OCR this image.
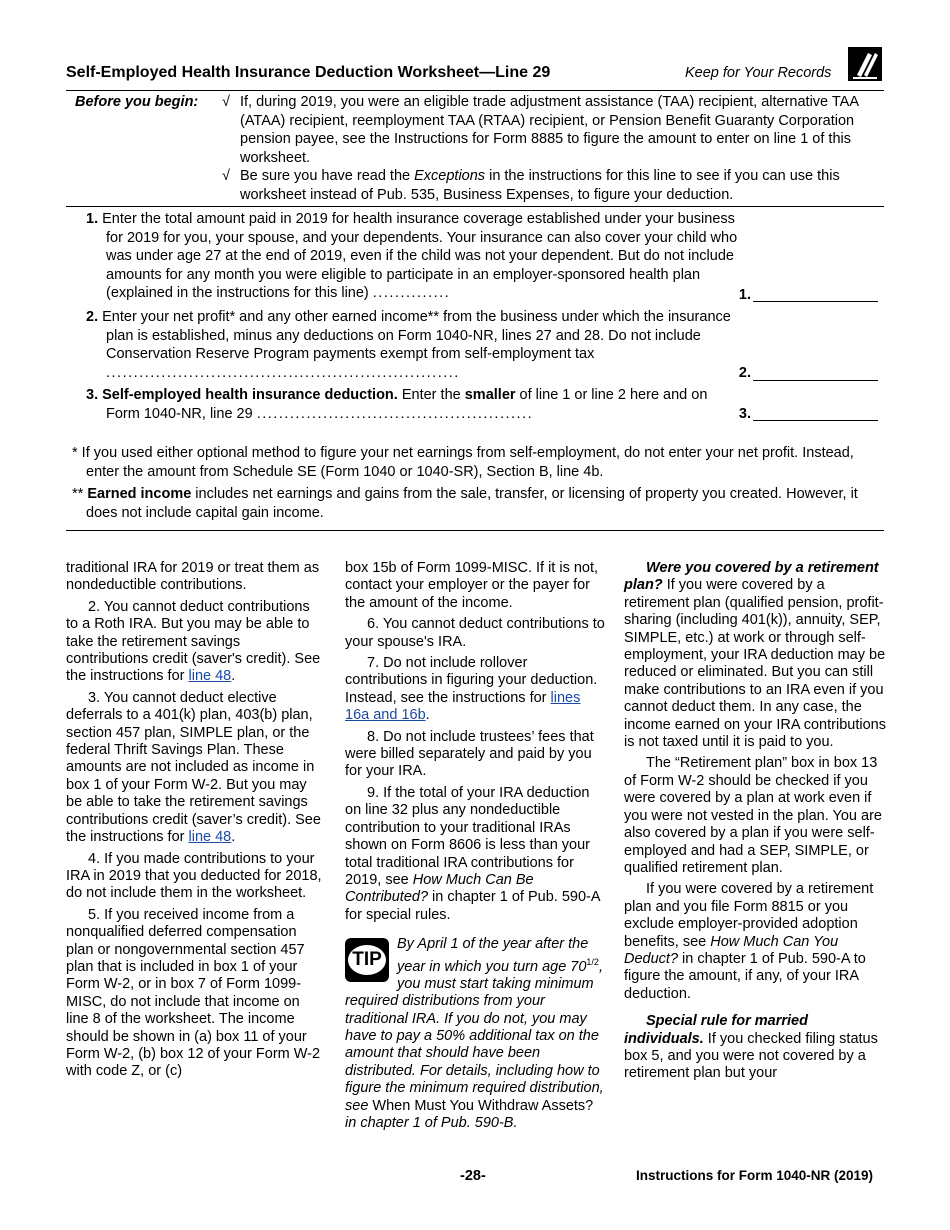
Self-Employed Health Insurance Deduction Worksheet—Line 29	Keep for Your Records
Before you begin: √ If, during 2019, you were an eligible trade adjustment assistance (TAA) recipient, alternative TAA (ATAA) recipient, reemployment TAA (RTAA) recipient, or Pension Benefit Guaranty Corporation pension payee, see the Instructions for Form 8885 to figure the amount to enter on line 1 of this worksheet.
√ Be sure you have read the Exceptions in the instructions for this line to see if you can use this worksheet instead of Pub. 535, Business Expenses, to figure your deduction.
1. Enter the total amount paid in 2019 for health insurance coverage established under your business for 2019 for you, your spouse, and your dependents. Your insurance can also cover your child who was under age 27 at the end of 2019, even if the child was not your dependent. But do not include amounts for any month you were eligible to participate in an employer-sponsored health plan (explained in the instructions for this line) ..............	1.
2. Enter your net profit* and any other earned income** from the business under which the insurance plan is established, minus any deductions on Form 1040-NR, lines 27 and 28. Do not include Conservation Reserve Program payments exempt from self-employment tax ................................................................	2.
3. Self-employed health insurance deduction. Enter the smaller of line 1 or line 2 here and on Form 1040-NR, line 29 ..................................................	3.
* If you used either optional method to figure your net earnings from self-employment, do not enter your net profit. Instead, enter the amount from Schedule SE (Form 1040 or 1040-SR), Section B, line 4b.
** Earned income includes net earnings and gains from the sale, transfer, or licensing of property you created. However, it does not include capital gain income.

traditional IRA for 2019 or treat them as nondeductible contributions.

2. You cannot deduct contributions to a Roth IRA. But you may be able to take the retirement savings contributions credit (saver's credit). See the instructions for line 48.

3. You cannot deduct elective deferrals to a 401(k) plan, 403(b) plan, section 457 plan, SIMPLE plan, or the federal Thrift Savings Plan. These amounts are not included as income in box 1 of your Form W-2. But you may be able to take the retirement savings contributions credit (saver’s credit). See the instructions for line 48.

4. If you made contributions to your IRA in 2019 that you deducted for 2018, do not include them in the worksheet.

5. If you received income from a nonqualified deferred compensation plan or nongovernmental section 457 plan that is included in box 1 of your Form W-2, or in box 7 of Form 1099-MISC, do not include that income on line 8 of the worksheet. The income should be shown in (a) box 11 of your Form W-2, (b) box 12 of your Form W-2 with code Z, or (c)

box 15b of Form 1099-MISC. If it is not, contact your employer or the payer for the amount of the income.

6. You cannot deduct contributions to your spouse's IRA.

7. Do not include rollover contributions in figuring your deduction. Instead, see the instructions for lines 16a and 16b.

8. Do not include trustees’ fees that were billed separately and paid by you for your IRA.

9. If the total of your IRA deduction on line 32 plus any nondeductible contribution to your traditional IRAs shown on Form 8606 is less than your total traditional IRA contributions for 2019, see How Much Can Be Contributed? in chapter 1 of Pub. 590-A for special rules.

TIP
By April 1 of the year after the year in which you turn age $70^{1/2}$, you must start taking minimum required distributions from your traditional IRA. If you do not, you may have to pay a 50% additional tax on the amount that should have been distributed. For details, including how to figure the minimum required distribution, see When Must You Withdraw Assets? in chapter 1 of Pub. 590-B.

Were you covered by a retirement plan? If you were covered by a retirement plan (qualified pension, profit-sharing (including 401(k)), annuity, SEP, SIMPLE, etc.) at work or through self-employment, your IRA deduction may be reduced or eliminated. But you can still make contributions to an IRA even if you cannot deduct them. In any case, the income earned on your IRA contributions is not taxed until it is paid to you.

The “Retirement plan” box in box 13 of Form W-2 should be checked if you were covered by a plan at work even if you were not vested in the plan. You are also covered by a plan if you were self-employed and had a SEP, SIMPLE, or qualified retirement plan.

If you were covered by a retirement plan and you file Form 8815 or you exclude employer-provided adoption benefits, see How Much Can You Deduct? in chapter 1 of Pub. 590-A to figure the amount, if any, of your IRA deduction.

Special rule for married individuals. If you checked filing status box 5, and you were not covered by a retirement plan but your

-28-	Instructions for Form 1040-NR (2019)
